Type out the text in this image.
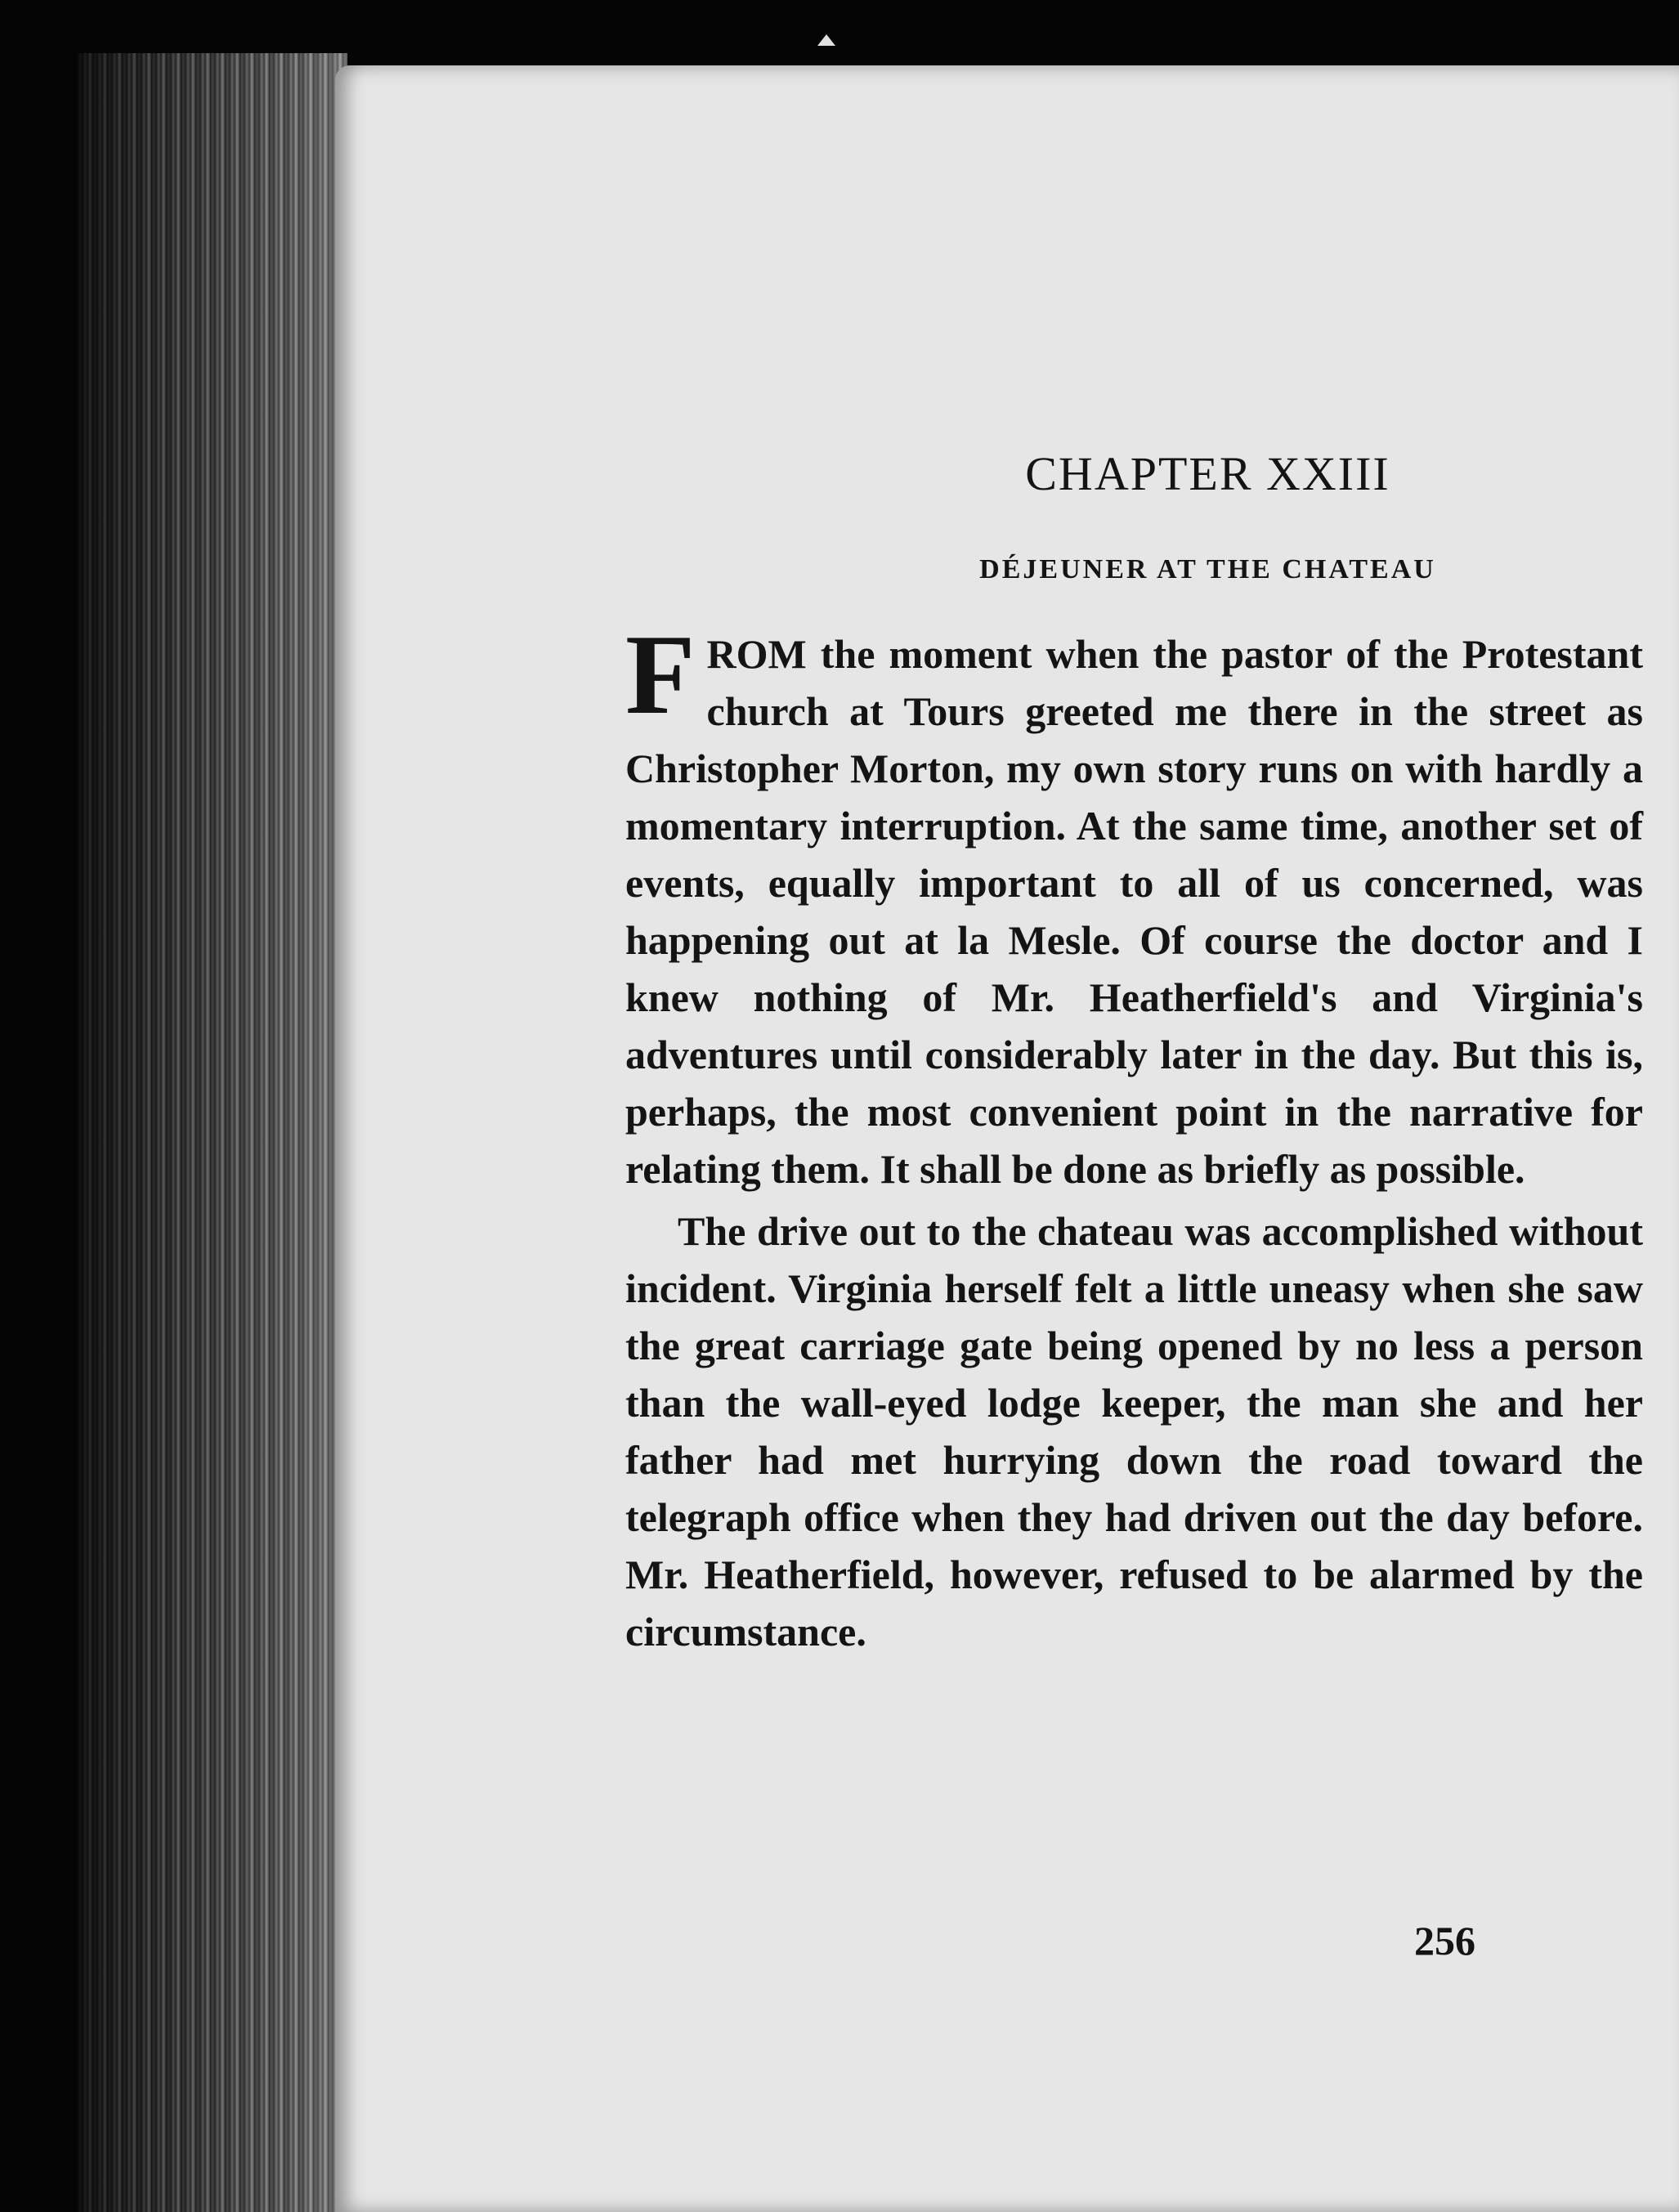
CHAPTER XXIII
DÉJEUNER AT THE CHATEAU

FROM the moment when the pastor of the Protestant church at Tours greeted me there in the street as Christopher Morton, my own story runs on with hardly a momentary interruption. At the same time, another set of events, equally important to all of us concerned, was happening out at la Mesle. Of course the doctor and I knew nothing of Mr. Heatherfield's and Virginia's adventures until considerably later in the day. But this is, perhaps, the most convenient point in the narrative for relating them. It shall be done as briefly as possible.

The drive out to the chateau was accomplished without incident. Virginia herself felt a little uneasy when she saw the great carriage gate being opened by no less a person than the wall-eyed lodge keeper, the man she and her father had met hurrying down the road toward the telegraph office when they had driven out the day before. Mr. Heatherfield, however, refused to be alarmed by the circumstance.

256
